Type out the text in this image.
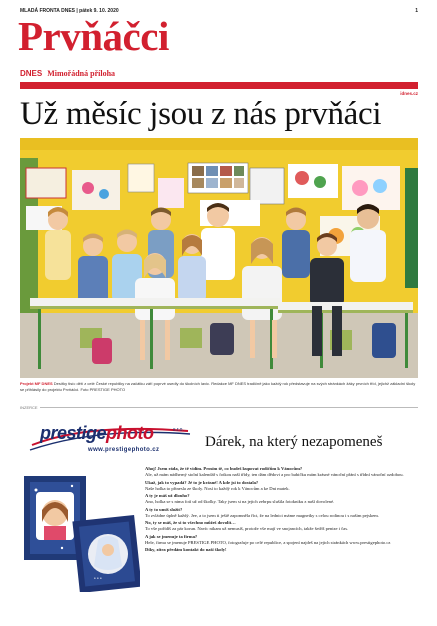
MLADÁ FRONTA DNES | pátek 9. 10. 2020	1
Prvňáčci
DNES Mimořádná příloha
idnes.cz
Už měsíc jsou z nás prvňáci
Projekt MF DNES Desítky tisíc dětí z celé České republiky na začátku září poprvé usedly do školních lavic. Redakce MF DNES tradičně jako každý rok představuje na svých stránkách žáky prvních tříd, jejichž základní školy se přihlásily do projektu Prvňáčci. Foto PRESTIGE PHOTO
INZERCE
prestigephoto	s.r.o.
www.prestigephoto.cz	Dárek, na který nezapomeneš
• • •
Ahoj! Jsem ráda, že tě vidím. Prosím tě, co budeš kupovat rodičům k Vánocům?
Ale, už mám nádherný stolní kalendář s fotkou naší třídy, ten dám dědovi a pro babičku mám krásné vánoční přání s třídní vánoční ozdobou.
Ukaž, jak to vypadá? Jé to je krásné! A kde jsi to dostala?
Naše holka to přinesla ze školy. Nosí to každý rok k Vánocům a ke Dni matek.
A ty je máš už dlouho?
Ano, holka se s nima fotí už od školky. Taky jsem si na jejich zebrpu slušila fotokniku z naší dovolené.
A ty to umíš složit?
To zvládne úplně každý. Jee, a to jsem ti ještě zapomněla říct, že na lednici máme magnetky s celou rodinou i s našim pejskem.
No, ty se máš, že si to všechno můžeš dovolit…
To vše pořídíš za pár korun. Navíc nikam už nemusíš, protože vše mají ve snojancích, takže šetříš penize i čas.
A jak se jmenuje ta firma?
Hele, firma se jmenuje PRESTIGE PHOTO, fotografuje po celé republice, a spojení najdeš na jejich stránkách www.prestigephoto.cz
Díky, zítra předám kontakt do naší školy!
